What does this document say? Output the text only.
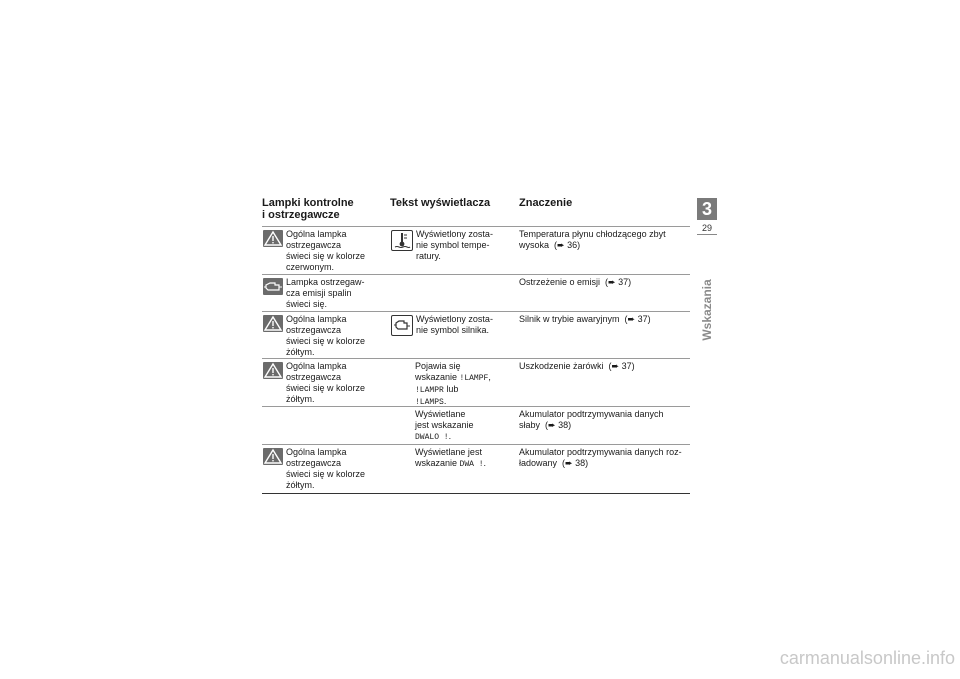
Lampki kontrolne
i ostrzegawcze
Tekst wyświetlacza	Znaczenie
Ogólna lampka
ostrzegawcza
świeci się w kolorze
czerwonym.
Wyświetlony zosta-
nie symbol tempe-
ratury.
Temperatura płynu chłodzącego zbyt
wysoka  (➨ 36)
Lampka ostrzegaw-
cza emisji spalin
świeci się.
Ostrzeżenie o emisji  (➨ 37)
Ogólna lampka
ostrzegawcza
świeci się w kolorze
żółtym.
Wyświetlony zosta-
nie symbol silnika.
Silnik w trybie awaryjnym  (➨ 37)
Ogólna lampka
ostrzegawcza
świeci się w kolorze
żółtym.
Pojawia się
wskazanie !LAMPF,
!LAMPR lub
!LAMPS.
Uszkodzenie żarówki  (➨ 37)
Wyświetlane
jest wskazanie
DWALO !.
Akumulator podtrzymywania danych
słaby  (➨ 38)
Ogólna lampka
ostrzegawcza
świeci się w kolorze
żółtym.
Wyświetlane jest
wskazanie DWA !.
Akumulator podtrzymywania danych roz-
ładowany  (➨ 38)
3
29
Wskazania
carmanualsonline.info
